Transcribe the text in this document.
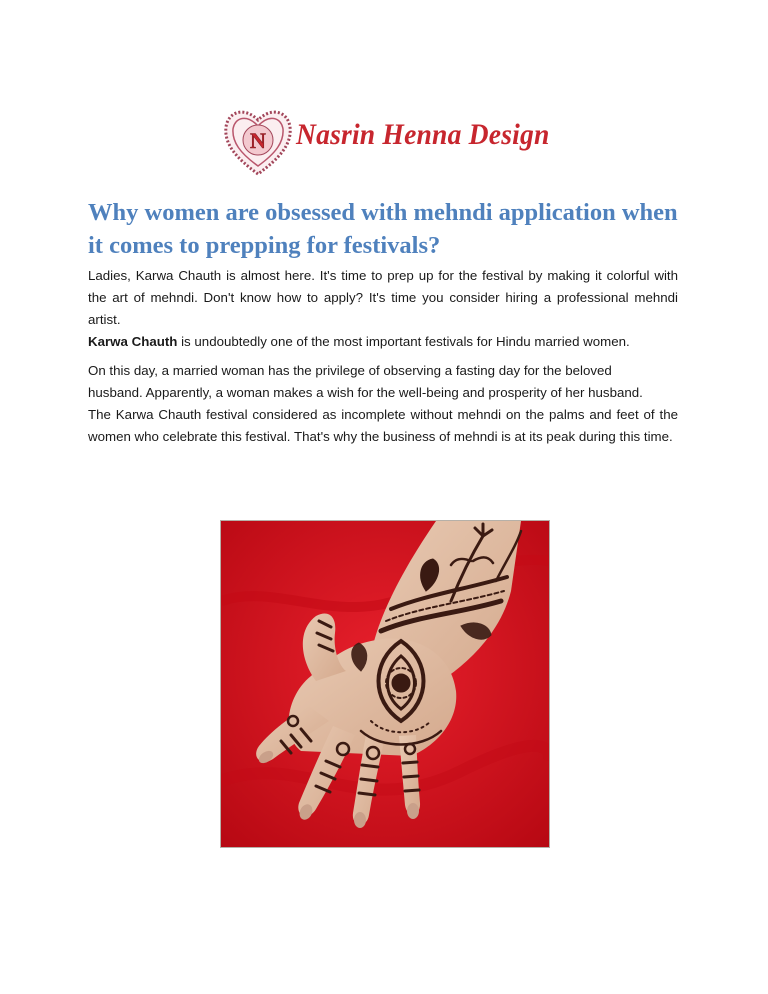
N Nasrin Henna Design
Why women are obsessed with mehndi application when it comes to prepping for festivals?

Ladies, Karwa Chauth is almost here. It's time to prep up for the festival by making it colorful with the art of mehndi. Don't know how to apply? It's time you consider hiring a professional mehndi artist.

Karwa Chauth is undoubtedly one of the most important festivals for Hindu married women.

On this day, a married woman has the privilege of observing a fasting day for the beloved
husband. Apparently, a woman makes a wish for the well-being and prosperity of her husband.

The Karwa Chauth festival considered as incomplete without mehndi on the palms and feet of the women who celebrate this festival. That's why the business of mehndi is at its peak during this time.
